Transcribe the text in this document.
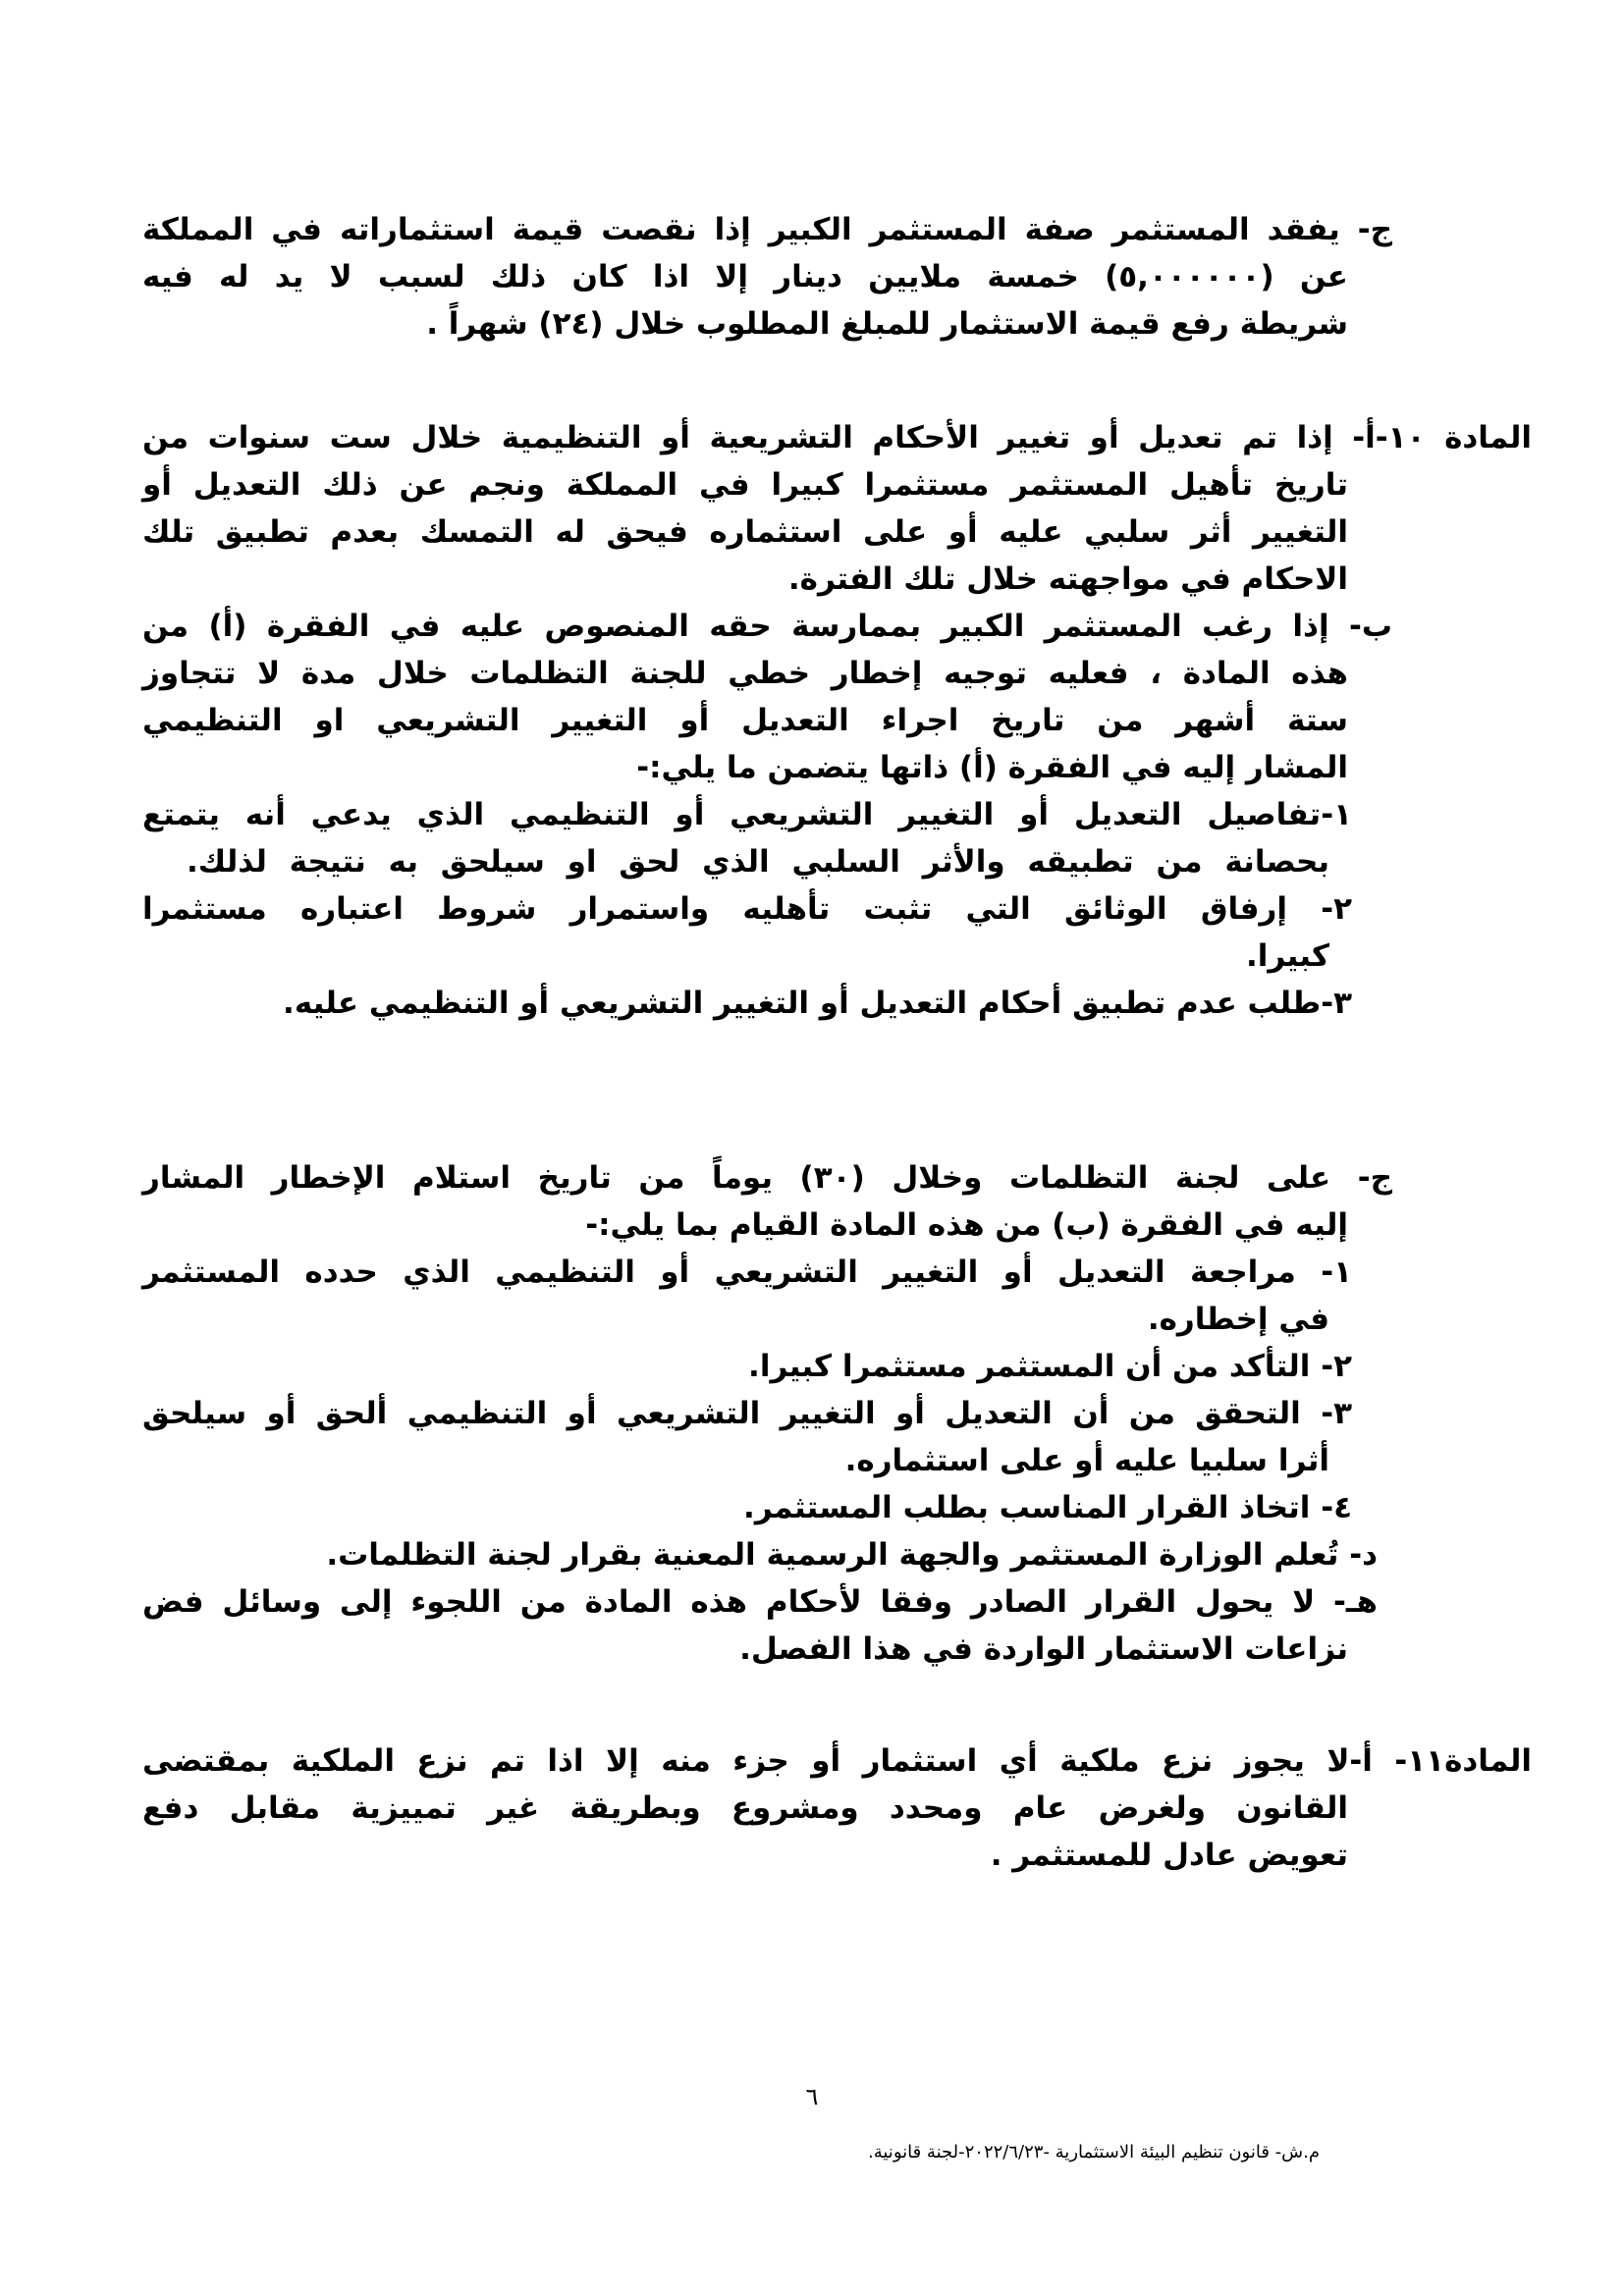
ج- يفقد المستثمر صفة المستثمر الكبير إذا نقصت قيمة استثماراته في المملكة
عن (٥,٠٠٠٠٠٠) خمسة ملايين دينار إلا اذا كان ذلك لسبب لا يد له فيه
شريطة رفع قيمة الاستثمار للمبلغ المطلوب خلال (٢٤) شهراً .
المادة ١٠-أ- إذا تم تعديل أو تغيير الأحكام التشريعية أو التنظيمية خلال ست سنوات من
تاريخ تأهيل المستثمر مستثمرا كبيرا في المملكة ونجم عن ذلك التعديل أو
التغيير أثر سلبي عليه أو على استثماره فيحق له التمسك بعدم تطبيق تلك
الاحكام في مواجهته خلال تلك الفترة.
ب- إذا رغب المستثمر الكبير بممارسة حقه المنصوص عليه في الفقرة (أ) من
هذه المادة ، فعليه توجيه إخطار خطي للجنة التظلمات خلال مدة لا تتجاوز
ستة أشهر من تاريخ اجراء التعديل أو التغيير التشريعي او التنظيمي
المشار إليه في الفقرة (أ) ذاتها يتضمن ما يلي:-
١-تفاصيل التعديل أو التغيير التشريعي أو التنظيمي الذي يدعي أنه يتمتع
بحصانة من تطبيقه والأثر السلبي الذي لحق او سيلحق به نتيجة لذلك.
٢- إرفاق الوثائق التي تثبت تأهليه واستمرار شروط اعتباره مستثمرا
كبيرا.
٣-طلب عدم تطبيق أحكام التعديل أو التغيير التشريعي أو التنظيمي عليه.
ج- على لجنة التظلمات وخلال (٣٠) يوماً من تاريخ استلام الإخطار المشار
إليه في الفقرة (ب) من هذه المادة القيام بما يلي:-
١- مراجعة التعديل أو التغيير التشريعي أو التنظيمي الذي حدده المستثمر
في إخطاره.
٢- التأكد من أن المستثمر مستثمرا كبيرا.
٣- التحقق من أن التعديل أو التغيير التشريعي أو التنظيمي ألحق أو سيلحق
أثرا سلبيا عليه أو على استثماره.
٤- اتخاذ القرار المناسب بطلب المستثمر.
د- تُعلم الوزارة المستثمر والجهة الرسمية المعنية بقرار لجنة التظلمات.
هـ- لا يحول القرار الصادر وفقا لأحكام هذه المادة من اللجوء إلى وسائل فض
نزاعات الاستثمار الواردة في هذا الفصل.
المادة١١- أ-لا يجوز نزع ملكية أي استثمار أو جزء منه إلا اذا تم نزع الملكية بمقتضى
القانون ولغرض عام ومحدد ومشروع وبطريقة غير تمييزية مقابل دفع
تعويض عادل للمستثمر .
٦
م.ش- قانون تنظيم البيئة الاستثمارية -٢٠٢٢/٦/٢٣-لجنة قانونية.
